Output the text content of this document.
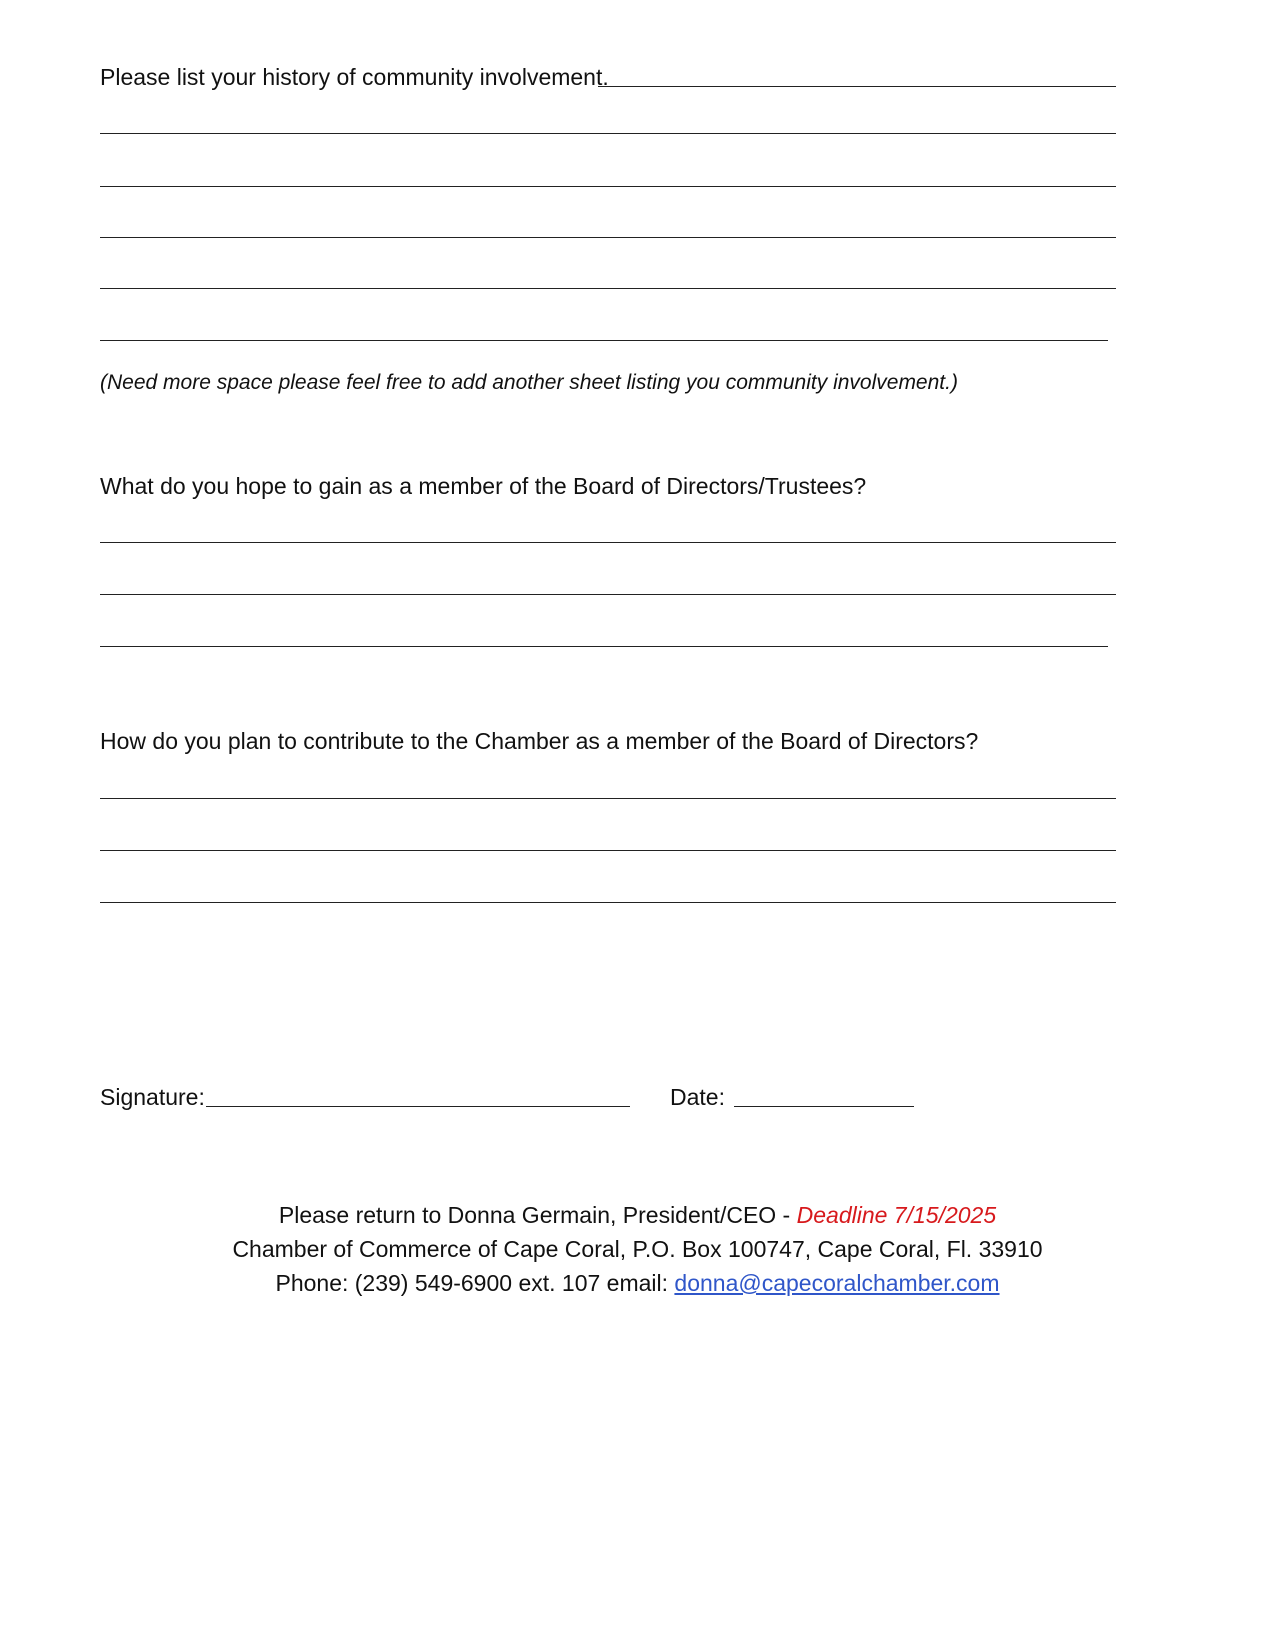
Please list your history of community involvement.
(Need more space please feel free to add another sheet listing you community involvement.)
What do you hope to gain as a member of the Board of Directors/Trustees?
How do you plan to contribute to the Chamber as a member of the Board of Directors?
Signature:	Date:
Please return to Donna Germain, President/CEO - Deadline 7/15/2025
Chamber of Commerce of Cape Coral, P.O. Box 100747, Cape Coral, Fl. 33910
Phone: (239) 549-6900 ext. 107 email: donna@capecoralchamber.com
